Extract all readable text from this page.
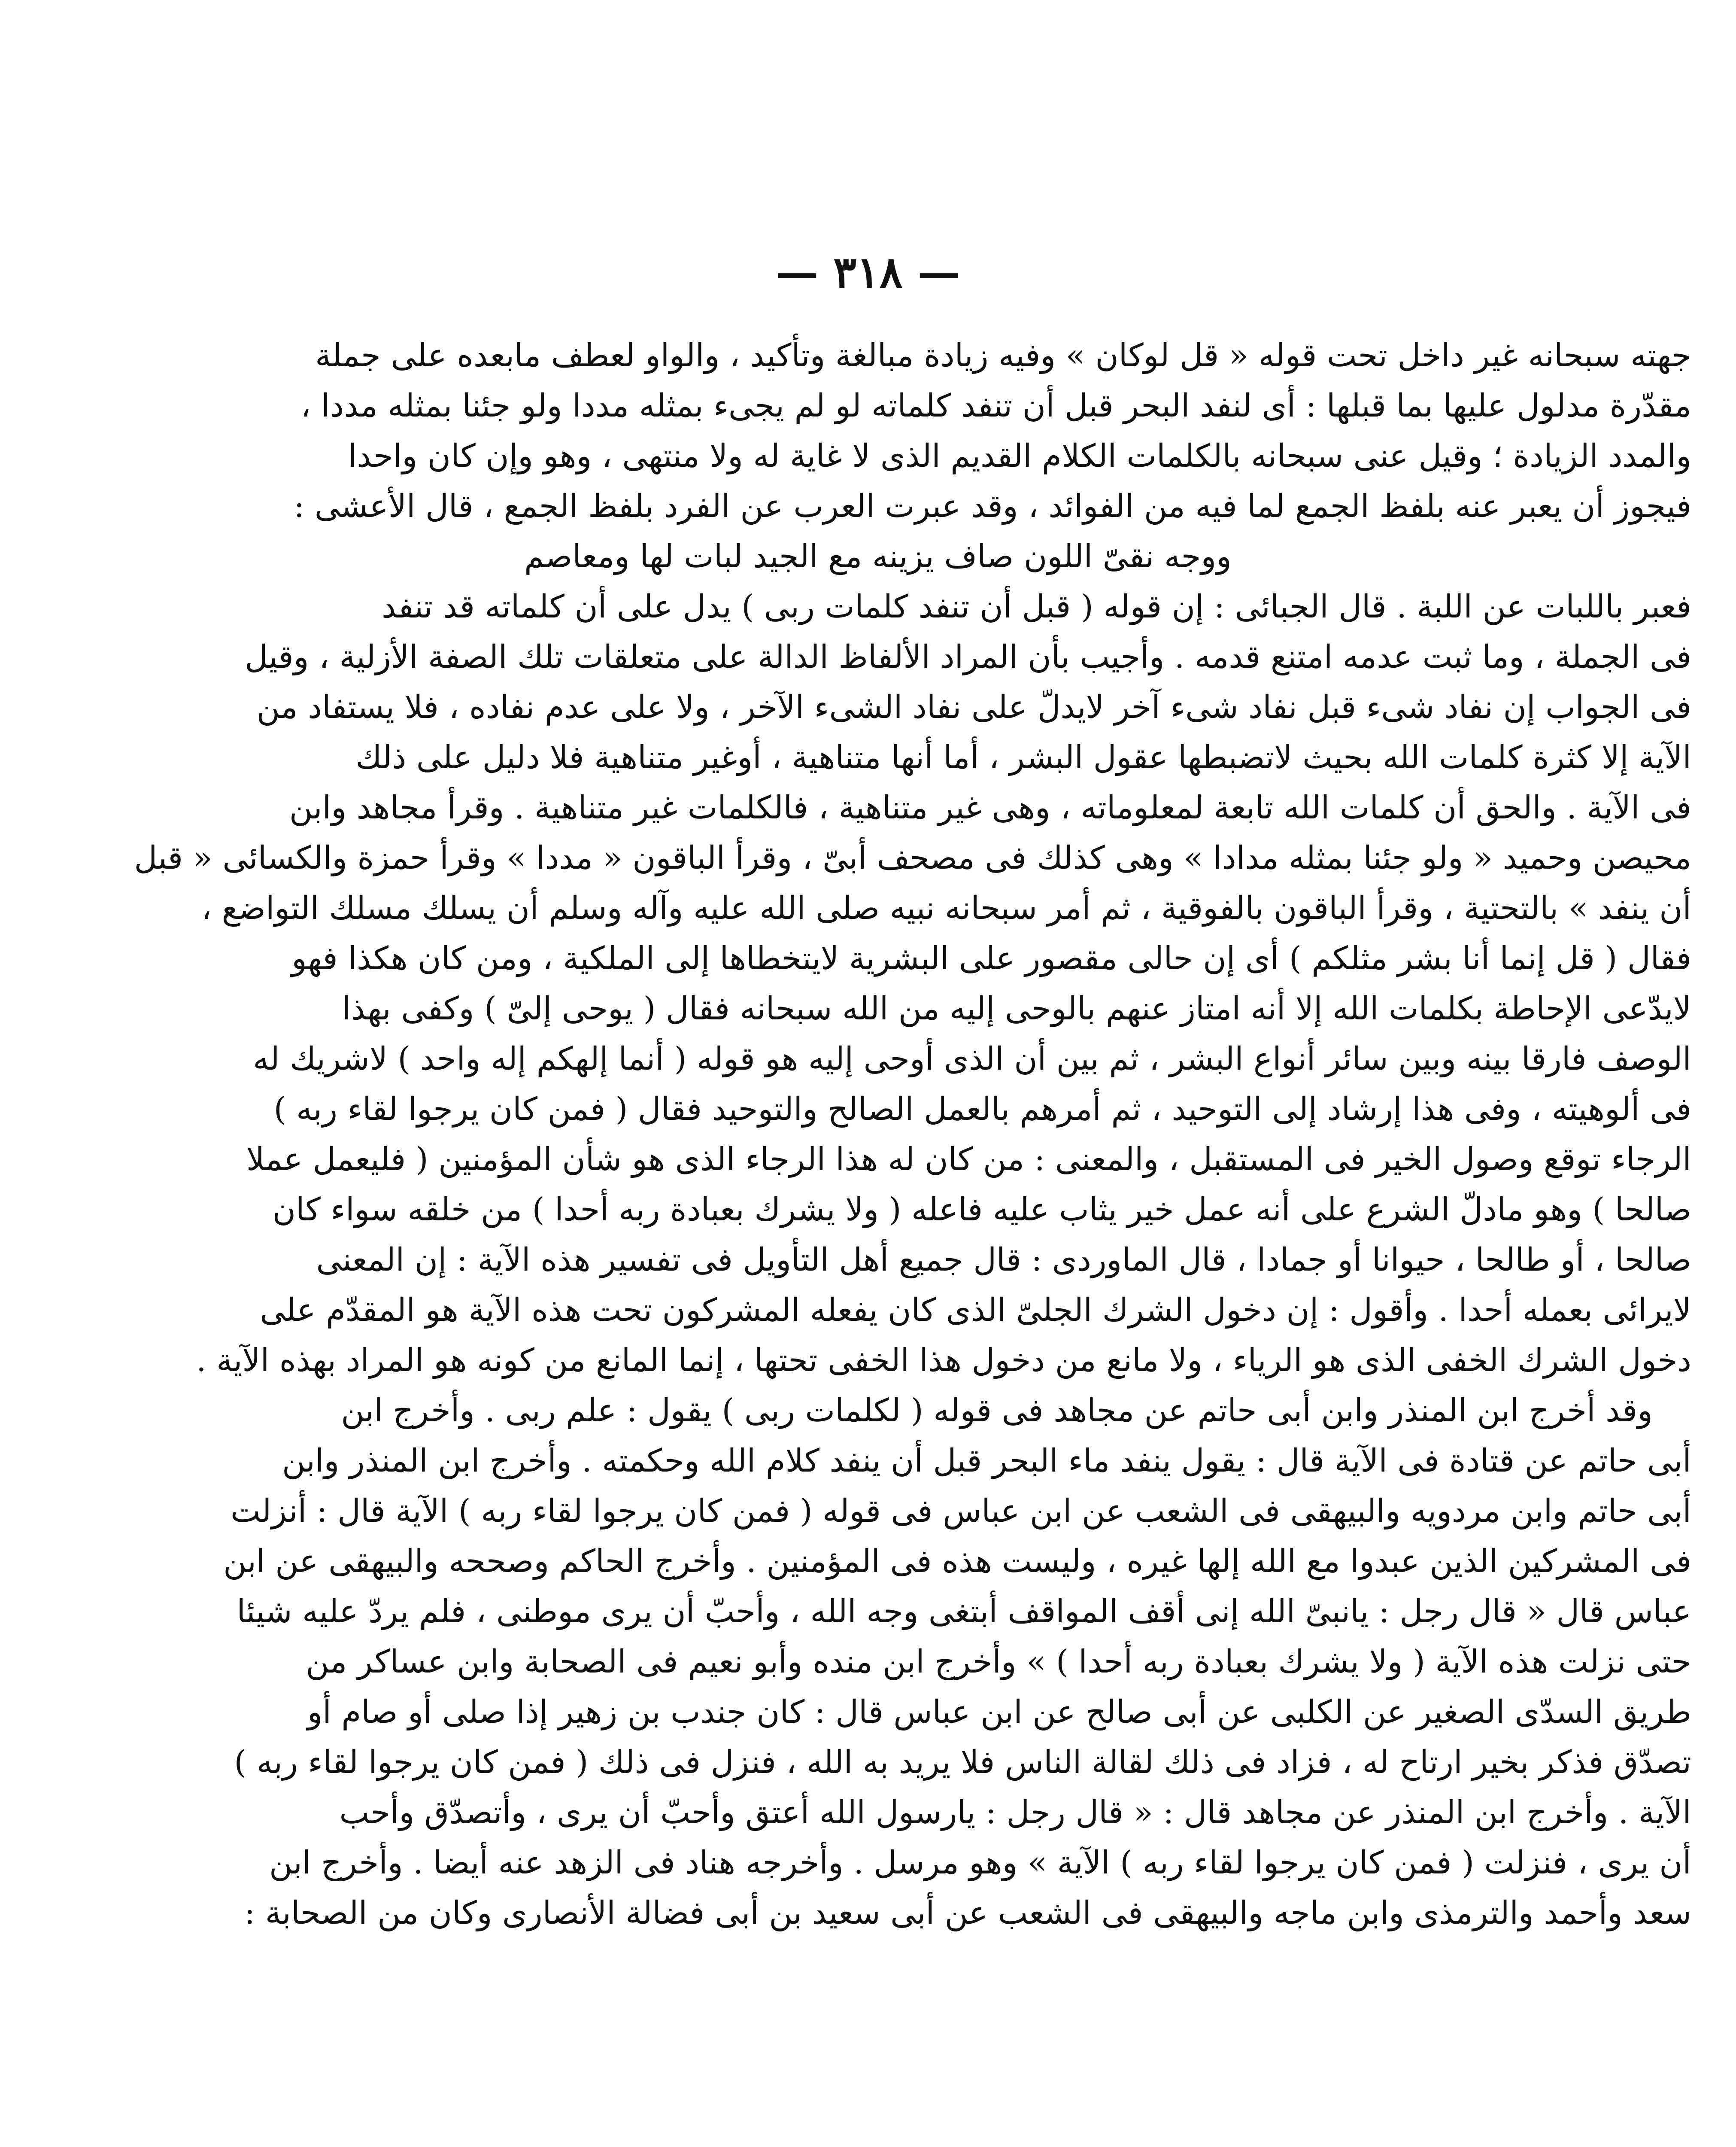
— ٣١٨ —
جهته سبحانه غير داخل تحت قوله « قل لوكان » وفيه زيادة مبالغة وتأكيد ، والواو لعطف مابعده على جملة
مقدّرة مدلول عليها بما قبلها : أى لنفد البحر قبل أن تنفد كلماته لو لم يجىء بمثله مددا ولو جئنا بمثله مددا ،
والمدد الزيادة ؛ وقيل عنى سبحانه بالكلمات الكلام القديم الذى لا غاية له ولا منتهى ، وهو وإن كان واحدا
فيجوز أن يعبر عنه بلفظ الجمع لما فيه من الفوائد ، وقد عبرت العرب عن الفرد بلفظ الجمع ، قال الأعشى :
ووجه نقىّ اللون صاف يزينه مع الجيد لبات لها ومعاصم
فعبر باللبات عن اللبة . قال الجبائى : إن قوله ( قبل أن تنفد كلمات ربى ) يدل على أن كلماته قد تنفد
فى الجملة ، وما ثبت عدمه امتنع قدمه . وأجيب بأن المراد الألفاظ الدالة على متعلقات تلك الصفة الأزلية ، وقيل
فى الجواب إن نفاد شىء قبل نفاد شىء آخر لايدلّ على نفاد الشىء الآخر ، ولا على عدم نفاده ، فلا يستفاد من
الآية إلا كثرة كلمات الله بحيث لاتضبطها عقول البشر ، أما أنها متناهية ، أوغير متناهية فلا دليل على ذلك
فى الآية . والحق أن كلمات الله تابعة لمعلوماته ، وهى غير متناهية ، فالكلمات غير متناهية . وقرأ مجاهد وابن
محيصن وحميد « ولو جئنا بمثله مدادا » وهى كذلك فى مصحف أبىّ ، وقرأ الباقون « مددا » وقرأ حمزة والكسائى « قبل
أن ينفد » بالتحتية ، وقرأ الباقون بالفوقية ، ثم أمر سبحانه نبيه صلى الله عليه وآله وسلم أن يسلك مسلك التواضع ،
فقال ( قل إنما أنا بشر مثلكم ) أى إن حالى مقصور على البشرية لايتخطاها إلى الملكية ، ومن كان هكذا فهو
لايدّعى الإحاطة بكلمات الله إلا أنه امتاز عنهم بالوحى إليه من الله سبحانه فقال ( يوحى إلىّ ) وكفى بهذا
الوصف فارقا بينه وبين سائر أنواع البشر ، ثم بين أن الذى أوحى إليه هو قوله ( أنما إلهكم إله واحد ) لاشريك له
فى ألوهيته ، وفى هذا إرشاد إلى التوحيد ، ثم أمرهم بالعمل الصالح والتوحيد فقال ( فمن كان يرجوا لقاء ربه )
الرجاء توقع وصول الخير فى المستقبل ، والمعنى : من كان له هذا الرجاء الذى هو شأن المؤمنين ( فليعمل عملا
صالحا ) وهو مادلّ الشرع على أنه عمل خير يثاب عليه فاعله ( ولا يشرك بعبادة ربه أحدا ) من خلقه سواء كان
صالحا ، أو طالحا ، حيوانا أو جمادا ، قال الماوردى : قال جميع أهل التأويل فى تفسير هذه الآية : إن المعنى
لايرائى بعمله أحدا . وأقول : إن دخول الشرك الجلىّ الذى كان يفعله المشركون تحت هذه الآية هو المقدّم على
دخول الشرك الخفى الذى هو الرياء ، ولا مانع من دخول هذا الخفى تحتها ، إنما المانع من كونه هو المراد بهذه الآية .
وقد أخرج ابن المنذر وابن أبى حاتم عن مجاهد فى قوله ( لكلمات ربى ) يقول : علم ربى . وأخرج ابن
أبى حاتم عن قتادة فى الآية قال : يقول ينفد ماء البحر قبل أن ينفد كلام الله وحكمته . وأخرج ابن المنذر وابن
أبى حاتم وابن مردويه والبيهقى فى الشعب عن ابن عباس فى قوله ( فمن كان يرجوا لقاء ربه ) الآية قال : أنزلت
فى المشركين الذين عبدوا مع الله إلها غيره ، وليست هذه فى المؤمنين . وأخرج الحاكم وصححه والبيهقى عن ابن
عباس قال « قال رجل : يانبىّ الله إنى أقف المواقف أبتغى وجه الله ، وأحبّ أن يرى موطنى ، فلم يردّ عليه شيئا
حتى نزلت هذه الآية ( ولا يشرك بعبادة ربه أحدا ) » وأخرج ابن منده وأبو نعيم فى الصحابة وابن عساكر من
طريق السدّى الصغير عن الكلبى عن أبى صالح عن ابن عباس قال : كان جندب بن زهير إذا صلى أو صام أو
تصدّق فذكر بخير ارتاح له ، فزاد فى ذلك لقالة الناس فلا يريد به الله ، فنزل فى ذلك ( فمن كان يرجوا لقاء ربه )
الآية . وأخرج ابن المنذر عن مجاهد قال : « قال رجل : يارسول الله أعتق وأحبّ أن يرى ، وأتصدّق وأحب
أن يرى ، فنزلت ( فمن كان يرجوا لقاء ربه ) الآية » وهو مرسل . وأخرجه هناد فى الزهد عنه أيضا . وأخرج ابن
سعد وأحمد والترمذى وابن ماجه والبيهقى فى الشعب عن أبى سعيد بن أبى فضالة الأنصارى وكان من الصحابة :
